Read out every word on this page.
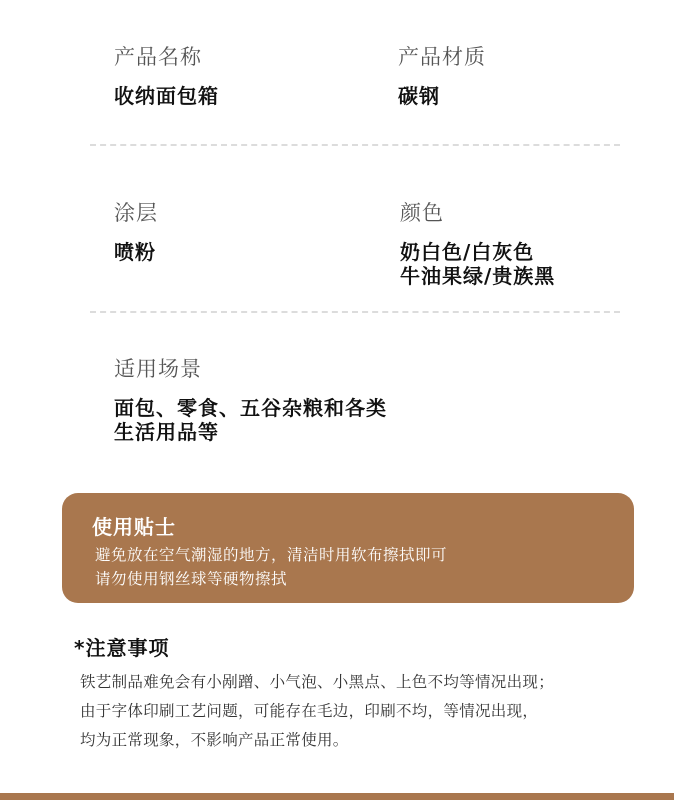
产品名称
收纳面包箱
产品材质
碳钢
涂层
喷粉
颜色
奶白色/白灰色
牛油果绿/贵族黑
适用场景
面包、零食、五谷杂粮和各类
生活用品等
使用贴士
避免放在空气潮湿的地方，清洁时用软布擦拭即可
请勿使用钢丝球等硬物擦拭
*注意事项
铁艺制品难免会有小剐蹭、小气泡、小黑点、上色不均等情况出现；
由于字体印刷工艺问题，可能存在毛边，印刷不均，等情况出现，
均为正常现象，不影响产品正常使用。
